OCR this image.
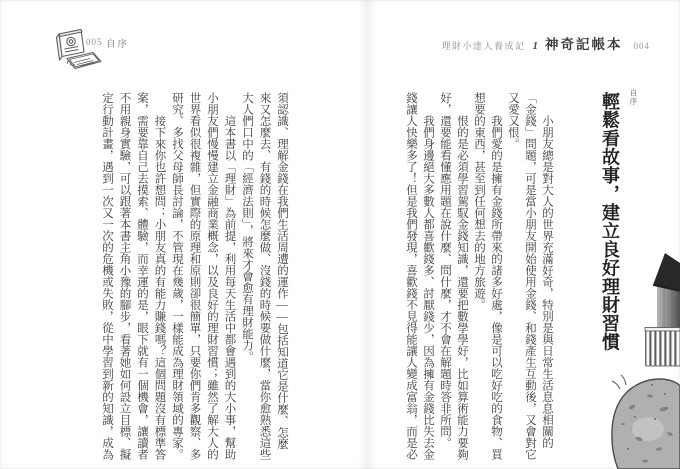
005 自序	理財小達人養成記 1 神奇記帳本 004
自序
輕鬆看故事，建立良好理財習慣

小朋友總是對大人的世界充滿好奇，特別是與日常生活息息相關的「金錢」問題，可是當小朋友開始使用金錢、和錢產生互動後，又會對它又愛又恨。

我們愛的是擁有金錢所帶來的諸多好處，像是可以吃好吃的食物、買想要的東西，甚至到任何想去的地方旅遊。

恨的是必須學習駕馭金錢知識，還要把數學學好，比如算術能力要夠好，還要能看懂應用題在說什麼、問什麼，才不會在解題時答非所問。

我們身邊絕大多數人都喜歡錢多、討厭錢少，因為擁有金錢比失去金錢讓人快樂多了！但是我們發現，喜歡錢不見得能讓人變成富翁，而是必

須認識、理解金錢在我們生活周遭的運作——包括知道它是什麼、怎麼來又怎麼去、有錢的時候怎麼做、沒錢的時候要做什麼，當你愈熟悉這些大人們口中的「經濟法則」，將來才會愈有理財能力。

這本書以「理財」為前提，利用每天生活中都會遇到的大小事，幫助小朋友們慢慢建立金融商業概念，以及良好的理財習慣；雖然了解大人的世界看似很複雜，但實際的原理和原則卻很簡單，只要你們肯多觀察、多研究、多找父母師長討論，不管現在幾歲，一樣能成為理財領域的專家。

接下來你也許想問：小朋友真的有能力賺錢嗎？這個問題沒有標準答案，需要靠自己去摸索、體驗，而幸運的是，眼下就有一個機會，讓讀者不用親身實驗，可以跟著本書主角小豫的腳步，看著她如何設立目標、擬定行動計畫，遇到一次又一次的危機或失敗，從中學習到新的知識，成為
